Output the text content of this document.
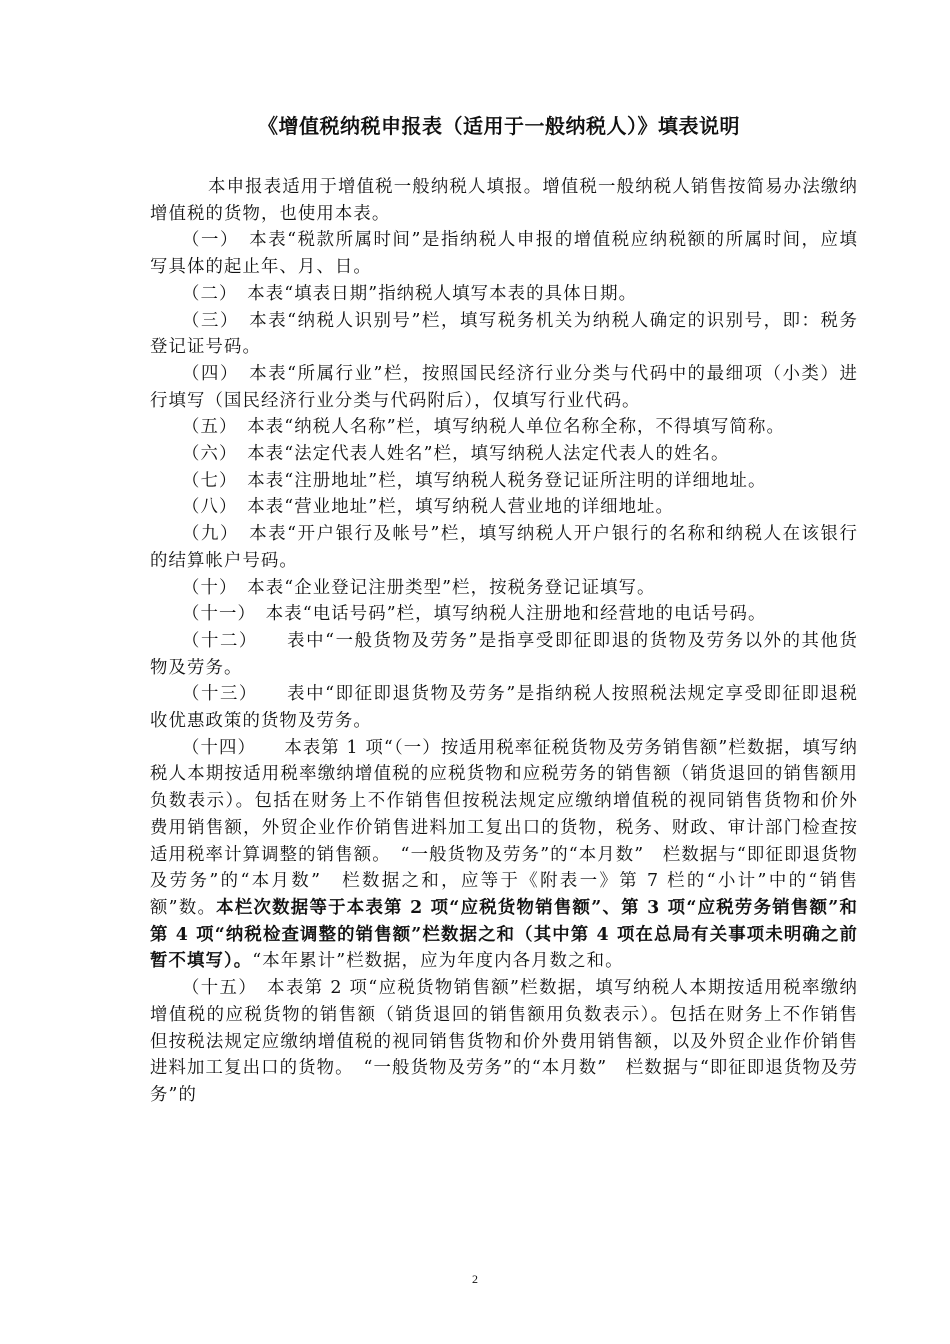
《增值税纳税申报表（适用于一般纳税人）》填表说明

本申报表适用于增值税一般纳税人填报。增值税一般纳税人销售按简易办法缴纳增值税的货物，也使用本表。

（一）　本表“税款所属时间”是指纳税人申报的增值税应纳税额的所属时间，应填写具体的起止年、月、日。

（二）　本表“填表日期”指纳税人填写本表的具体日期。

（三）　本表“纳税人识别号”栏，填写税务机关为纳税人确定的识别号，即：税务登记证号码。

（四）　本表“所属行业”栏，按照国民经济行业分类与代码中的最细项（小类）进行填写（国民经济行业分类与代码附后），仅填写行业代码。

（五）　本表“纳税人名称”栏，填写纳税人单位名称全称，不得填写简称。

（六）　本表“法定代表人姓名”栏，填写纳税人法定代表人的姓名。

（七）　本表“注册地址”栏，填写纳税人税务登记证所注明的详细地址。

（八）　本表“营业地址”栏，填写纳税人营业地的详细地址。

（九）　本表“开户银行及帐号”栏，填写纳税人开户银行的名称和纳税人在该银行的结算帐户号码。

（十）　本表“企业登记注册类型”栏，按税务登记证填写。

（十一）　本表“电话号码”栏，填写纳税人注册地和经营地的电话号码。

（十二）　　表中“一般货物及劳务”是指享受即征即退的货物及劳务以外的其他货物及劳务。

（十三）　　表中“即征即退货物及劳务”是指纳税人按照税法规定享受即征即退税收优惠政策的货物及劳务。

（十四）　　本表第 1 项“（一）按适用税率征税货物及劳务销售额”栏数据，填写纳税人本期按适用税率缴纳增值税的应税货物和应税劳务的销售额（销货退回的销售额用负数表示）。包括在财务上不作销售但按税法规定应缴纳增值税的视同销售货物和价外费用销售额，外贸企业作价销售进料加工复出口的货物，税务、财政、审计部门检查按适用税率计算调整的销售额。　“一般货物及劳务”的“本月数”　栏数据与“即征即退货物及劳务”的“本月数”　栏数据之和，应等于《附表一》第 7 栏的“小计”中的“销售额”数。本栏次数据等于本表第 2 项“应税货物销售额”、第 3 项“应税劳务销售额”和第 4 项“纳税检查调整的销售额”栏数据之和（其中第 4 项在总局有关事项未明确之前暂不填写）。“本年累计”栏数据，应为年度内各月数之和。

（十五）　本表第 2 项“应税货物销售额”栏数据，填写纳税人本期按适用税率缴纳增值税的应税货物的销售额（销货退回的销售额用负数表示）。包括在财务上不作销售但按税法规定应缴纳增值税的视同销售货物和价外费用销售额，以及外贸企业作价销售进料加工复出口的货物。　“一般货物及劳务”的“本月数”　栏数据与“即征即退货物及劳务”的

2
